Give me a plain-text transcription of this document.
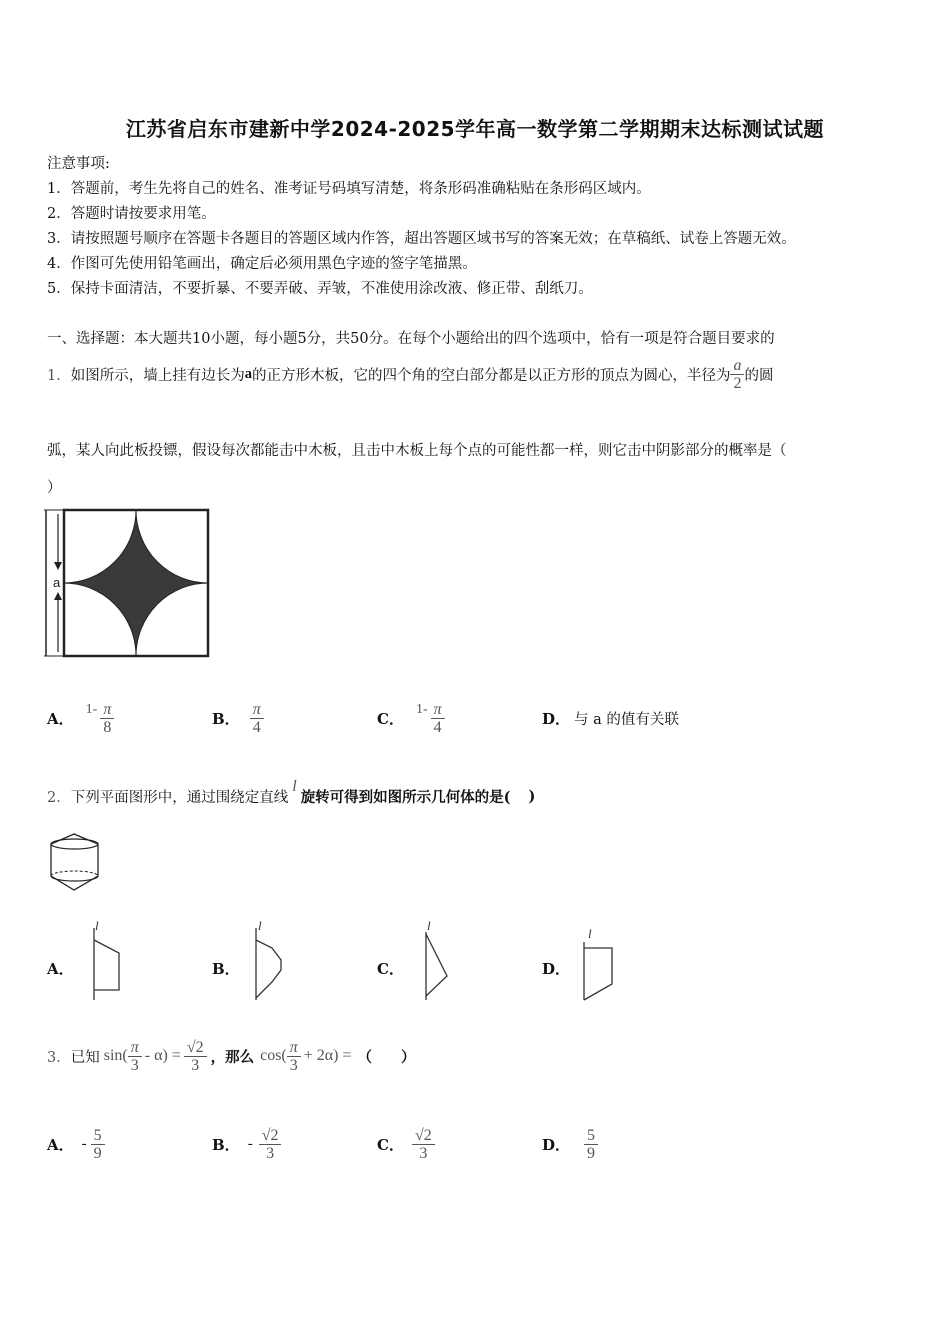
江苏省启东市建新中学2024-2025学年高一数学第二学期期末达标测试试题
注意事项:
1．答题前，考生先将自己的姓名、准考证号码填写清楚，将条形码准确粘贴在条形码区域内。
2．答题时请按要求用笔。
3．请按照题号顺序在答题卡各题目的答题区域内作答，超出答题区域书写的答案无效；在草稿纸、试卷上答题无效。
4．作图可先使用铅笔画出，确定后必须用黑色字迹的签字笔描黑。
5．保持卡面清洁，不要折暴、不要弄破、弄皱，不准使用涂改液、修正带、刮纸刀。
一、选择题：本大题共10小题，每小题5分，共50分。在每个小题给出的四个选项中，恰有一项是符合题目要求的
1． 如图所示，墙上挂有边长为 a 的正方形木板，它的四个角的空白部分都是以正方形的顶点为圆心，半径为 $\frac{a}{2}$ 的圆
弧，某人向此板投镖，假设每次都能击中木板，且击中木板上每个点的可能性都一样，则它击中阴影部分的概率是（
）
a
A． $1- \frac{\pi}{8}$	B． $\frac{\pi}{4}$	C． $1- \frac{\pi}{4}$	D． 与 a 的值有关联
2． 下列平面图形中，通过围绕定直线
l
旋转可得到如图所示几何体的是( )
A．
l
B．
l
C．
l
D．
l
3． 已知 $\sin( \frac{\pi}{3} - \alpha) = \frac{√2}{3}$ ，那么 $\cos( \frac{\pi}{3} + 2\alpha)$ = （　　）
A． - $\frac{5}{9}$	B． - $\frac{√2}{3}$	C． $\frac{√2}{3}$	D． $\frac{5}{9}$
